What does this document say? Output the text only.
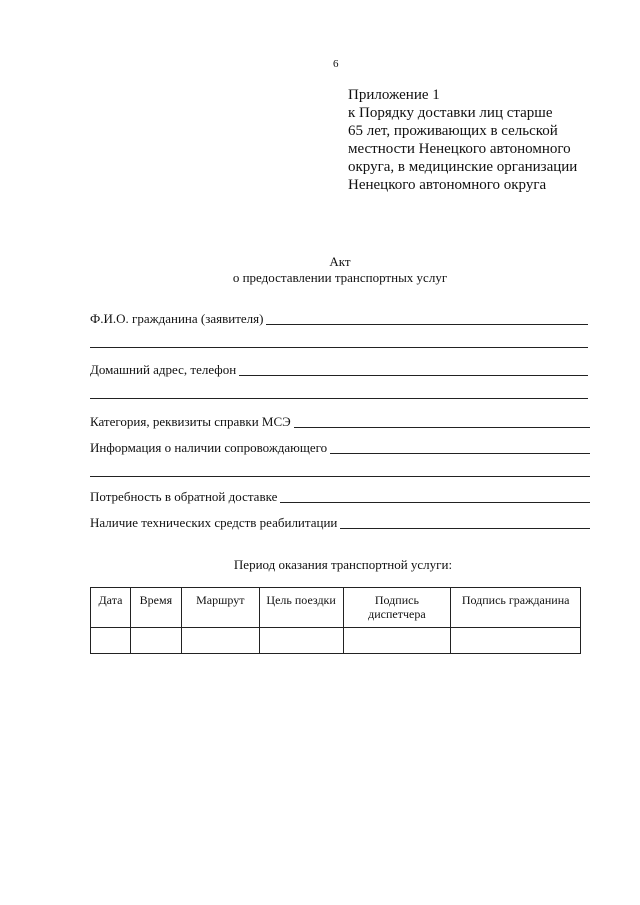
6
Приложение 1
к Порядку доставки лиц старше
65 лет, проживающих в сельской
местности Ненецкого автономного
округа, в медицинские организации
Ненецкого автономного округа
Акт
о предоставлении транспортных услуг
Ф.И.О. гражданина (заявителя)
Домашний адрес, телефон
Категория, реквизиты справки МСЭ
Информация о наличии сопровождающего
Потребность в обратной доставке
Наличие технических средств реабилитации
Период оказания транспортной услуги:
Дата	Время	Маршрут	Цель поездки	Подпись диспетчера	Подпись гражданина
